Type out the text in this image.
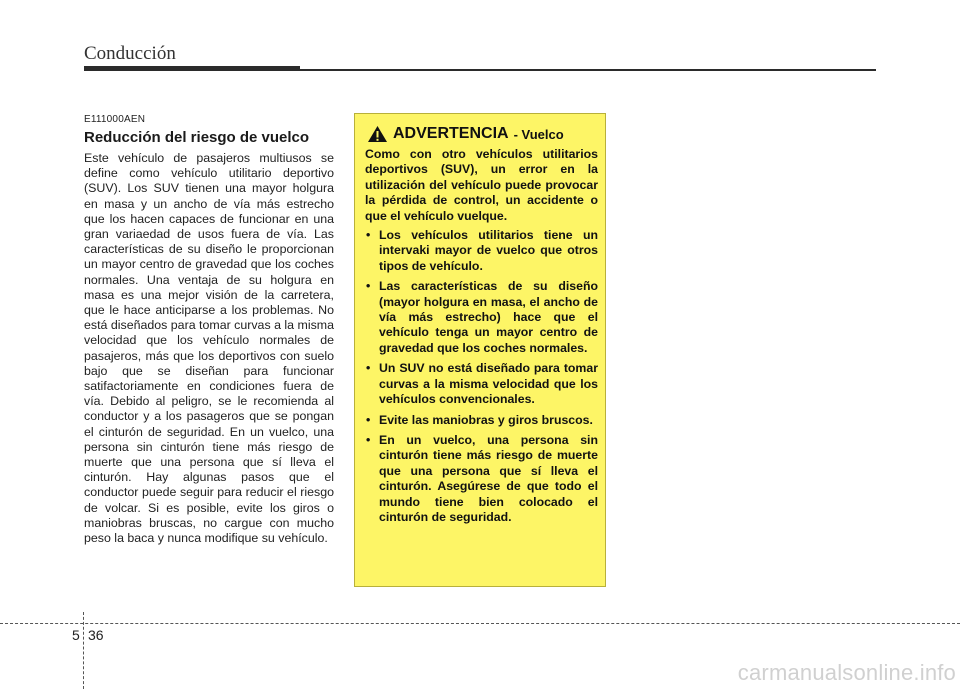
Conducción
E111000AEN
Reducción del riesgo de vuelco
Este vehículo de pasajeros multiusos se define como vehículo utilitario deportivo (SUV). Los SUV tienen una mayor holgura en masa y un ancho de vía más estrecho que los hacen capaces de funcionar en una gran variaedad de usos fuera de vía. Las características de su diseño le proporcionan un mayor centro de gravedad que los coches normales. Una ventaja de su holgura en masa es una mejor visión de la carretera, que le hace anticiparse a los problemas. No está diseñados para tomar curvas a la misma velocidad que los vehículo normales de pasajeros, más que los deportivos con suelo bajo que se diseñan para funcionar satifactoriamente en condiciones fuera de vía. Debido al peligro, se le recomienda al conductor y a los pasageros que se pongan el cinturón de seguridad. En un vuelco, una persona sin cinturón tiene más riesgo de muerte que una persona que sí lleva el cinturón. Hay algunas pasos que el conductor puede seguir para reducir el riesgo de volcar. Si es posible, evite los giros o maniobras bruscas, no cargue con mucho peso la baca y nunca modifique su vehículo.
ADVERTENCIA - Vuelco
Como con otro vehículos utilitarios deportivos (SUV), un error en la utilización del vehículo puede provocar la pérdida de control, un accidente o que el vehículo vuelque.
• Los vehículos utilitarios tiene un intervaki mayor de vuelco que otros tipos de vehículo.
• Las características de su diseño (mayor holgura en masa, el ancho de vía más estrecho) hace que el vehículo tenga un mayor centro de gravedad que los coches normales.
• Un SUV no está diseñado para tomar curvas a la misma velocidad que los vehículos convencionales.
• Evite las maniobras y giros bruscos.
• En un vuelco, una persona sin cinturón tiene más riesgo de muerte que una persona que sí lleva el cinturón. Asegúrese de que todo el mundo tiene bien colocado el cinturón de seguridad.
5 36
carmanualsonline.info
